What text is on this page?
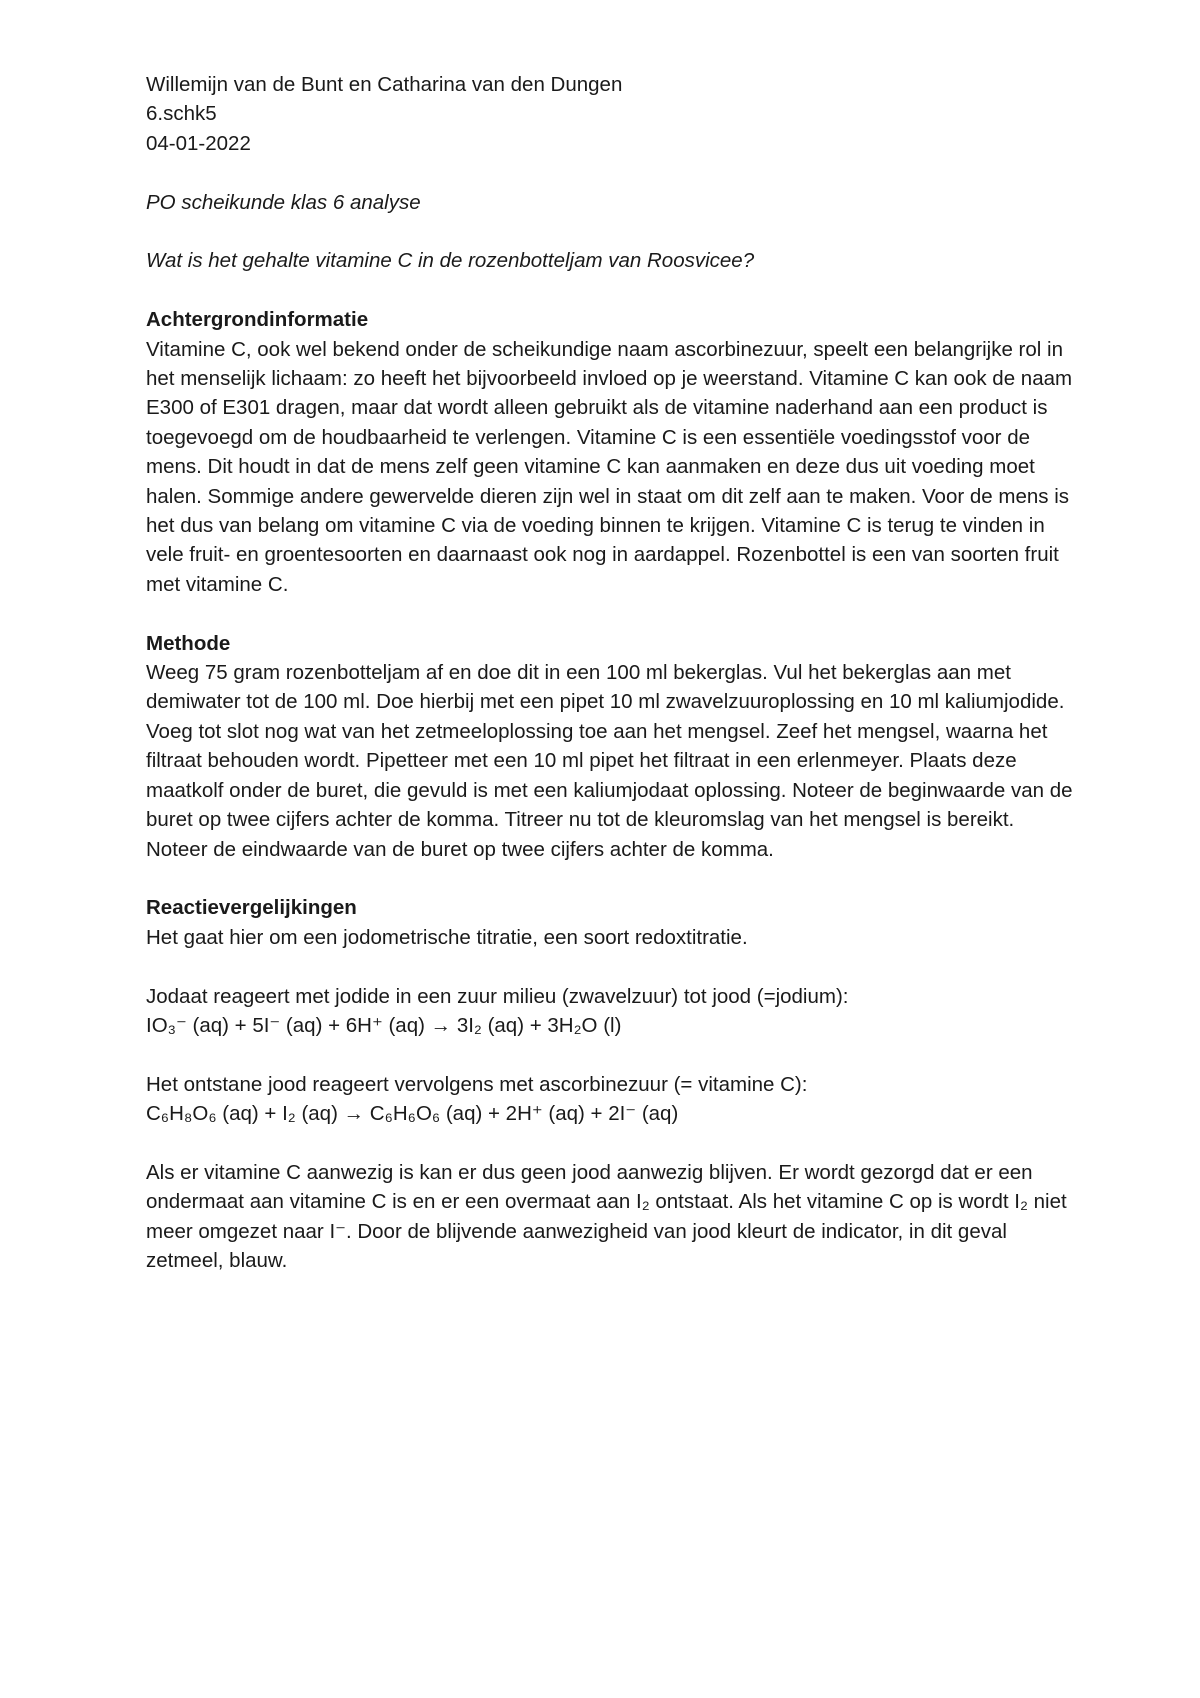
Willemijn van de Bunt en Catharina van den Dungen
6.schk5
04-01-2022
PO scheikunde klas 6 analyse
Wat is het gehalte vitamine C in de rozenbotteljam van Roosvicee?
Achtergrondinformatie

Vitamine C, ook wel bekend onder de scheikundige naam ascorbinezuur, speelt een belangrijke rol in het menselijk lichaam: zo heeft het bijvoorbeeld invloed op je weerstand. Vitamine C kan ook de naam E300 of E301 dragen, maar dat wordt alleen gebruikt als de vitamine naderhand aan een product is toegevoegd om de houdbaarheid te verlengen. Vitamine C is een essentiële voedingsstof voor de mens. Dit houdt in dat de mens zelf geen vitamine C kan aanmaken en deze dus uit voeding moet halen. Sommige andere gewervelde dieren zijn wel in staat om dit zelf aan te maken. Voor de mens is het dus van belang om vitamine C via de voeding binnen te krijgen. Vitamine C is terug te vinden in vele fruit- en groentesoorten en daarnaast ook nog in aardappel. Rozenbottel is een van soorten fruit met vitamine C.

Methode

Weeg 75 gram rozenbotteljam af en doe dit in een 100 ml bekerglas. Vul het bekerglas aan met demiwater tot de 100 ml. Doe hierbij met een pipet 10 ml zwavelzuuroplossing en 10 ml kaliumjodide. Voeg tot slot nog wat van het zetmeeloplossing toe aan het mengsel. Zeef het mengsel, waarna het filtraat behouden wordt. Pipetteer met een 10 ml pipet het filtraat in een erlenmeyer. Plaats deze maatkolf onder de buret, die gevuld is met een kaliumjodaat oplossing. Noteer de beginwaarde van de buret op twee cijfers achter de komma. Titreer nu tot de kleuromslag van het mengsel is bereikt. Noteer de eindwaarde van de buret op twee cijfers achter de komma.

Reactievergelijkingen

Het gaat hier om een jodometrische titratie, een soort redoxtitratie.

Jodaat reageert met jodide in een zuur milieu (zwavelzuur) tot jood (=jodium):

IO₃⁻ (aq) + 5I⁻ (aq) + 6H⁺ (aq) → 3I₂ (aq) + 3H₂O (l)

Het ontstane jood reageert vervolgens met ascorbinezuur (= vitamine C):

C₆H₈O₆ (aq) + I₂ (aq) → C₆H₆O₆ (aq) + 2H⁺ (aq) + 2I⁻ (aq)

Als er vitamine C aanwezig is kan er dus geen jood aanwezig blijven. Er wordt gezorgd dat er een ondermaat aan vitamine C is en er een overmaat aan I₂ ontstaat. Als het vitamine C op is wordt I₂ niet meer omgezet naar I⁻. Door de blijvende aanwezigheid van jood kleurt de indicator, in dit geval zetmeel, blauw.
